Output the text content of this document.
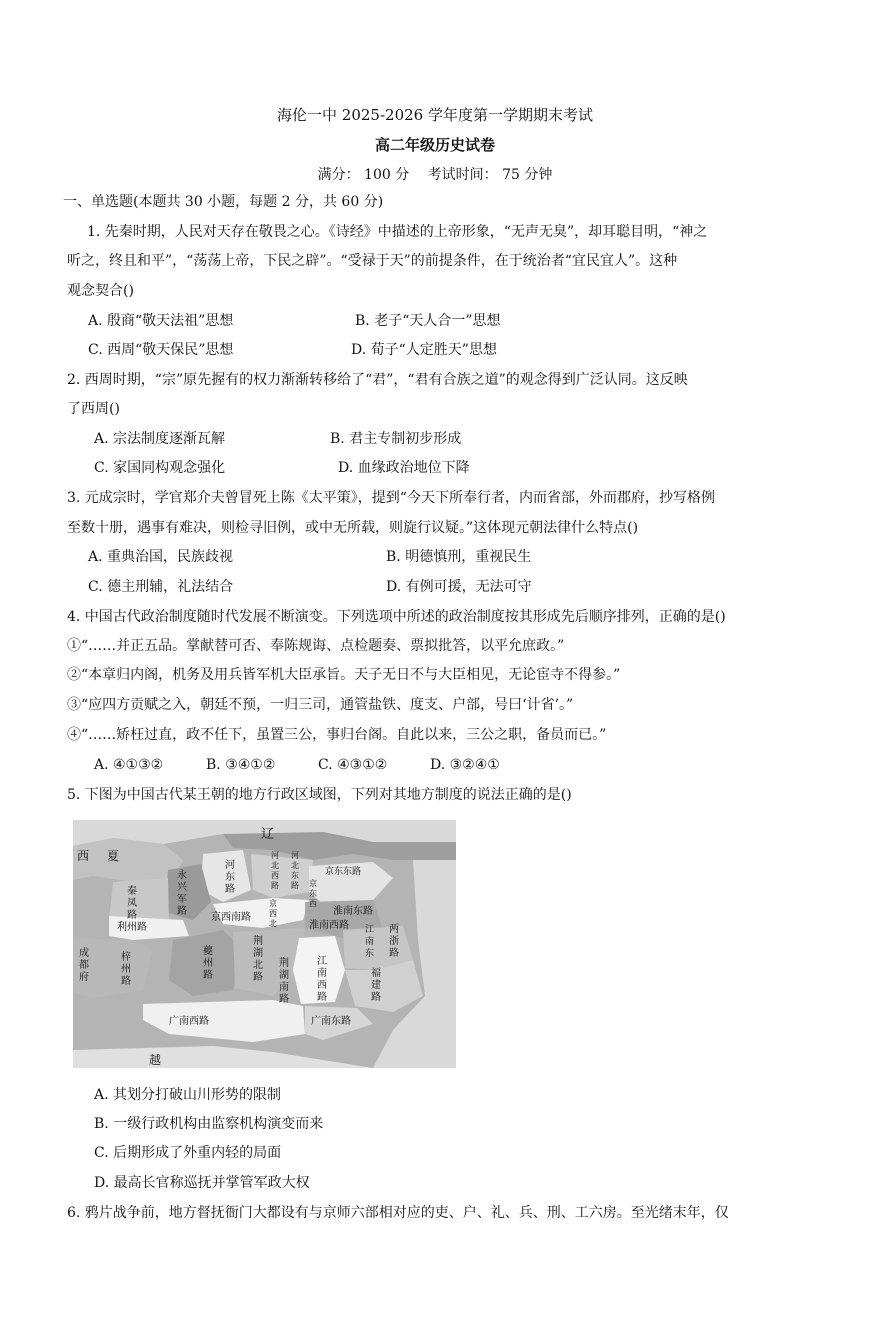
海伦一中 2025-2026 学年度第一学期期末考试
高二年级历史试卷
满分： 100 分　 考试时间： 75 分钟
一、单选题(本题共 30 小题，每题 2 分，共 60 分)
1. 先秦时期，人民对天存在敬畏之心。《诗经》中描述的上帝形象，“无声无臭”，却耳聪目明，“神之
听之，终且和平”，“荡荡上帝，下民之辟”。“受禄于天”的前提条件，在于统治者“宜民宜人”。这种
观念契合()
A. 殷商“敬天法祖”思想	B. 老子“天人合一”思想
C. 西周“敬天保民”思想	D. 荀子“人定胜天”思想
2. 西周时期，“宗”原先握有的权力渐渐转移给了“君”，“君有合族之道”的观念得到广泛认同。这反映
了西周()
A. 宗法制度逐渐瓦解	B. 君主专制初步形成
C. 家国同构观念强化	D. 血缘政治地位下降
3. 元成宗时，学官郑介夫曾冒死上陈《太平策》，提到“今天下所奉行者，内而省部，外而郡府，抄写格例
至数十册，遇事有难决，则检寻旧例，或中无所载，则旋行议疑。”这体现元朝法律什么特点()
A. 重典治国，民族歧视	B. 明德慎刑，重视民生
C. 德主刑辅，礼法结合	D. 有例可援，无法可守
4. 中国古代政治制度随时代发展不断演变。下列选项中所述的政治制度按其形成先后顺序排列，正确的是()
①“……并正五品。掌献替可否、奉陈规诲、点检题奏、票拟批答，以平允庶政。”
②“本章归内阁，机务及用兵皆军机大臣承旨。天子无日不与大臣相见，无论宦寺不得参。”
③“应四方贡赋之入，朝廷不预，一归三司，通管盐铁、度支、户部，号曰‘计省’。”
④“……矫枉过直，政不任下，虽置三公，事归台阁。自此以来，三公之职，备员而已。”
A. ④①③②	B. ③④①②	C. ④③①②	D. ③②④①
5. 下图为中国古代某王朝的地方行政区域图，下列对其地方制度的说法正确的是()
辽
西 夏
河
东
路
河
北
西
路
河
北
东
路
京东东路
京
东
西
永
兴
军
路
秦
凤
路
京
西
北
京西南路
利州路
淮南东路
淮南西路 江
南
东
两
浙
路
成
都
府
梓
州
路
夔
州
路
荆
湖
北
路
荆
湖
南
路
江
南
西
路
福
建
路
广南西路	广南东路
越
A. 其划分打破山川形势的限制
B. 一级行政机构由监察机构演变而来
C. 后期形成了外重内轻的局面
D. 最高长官称巡抚并掌管军政大权
6. 鸦片战争前，地方督抚衙门大都设有与京师六部相对应的吏、户、礼、兵、刑、工六房。至光绪末年，仅
